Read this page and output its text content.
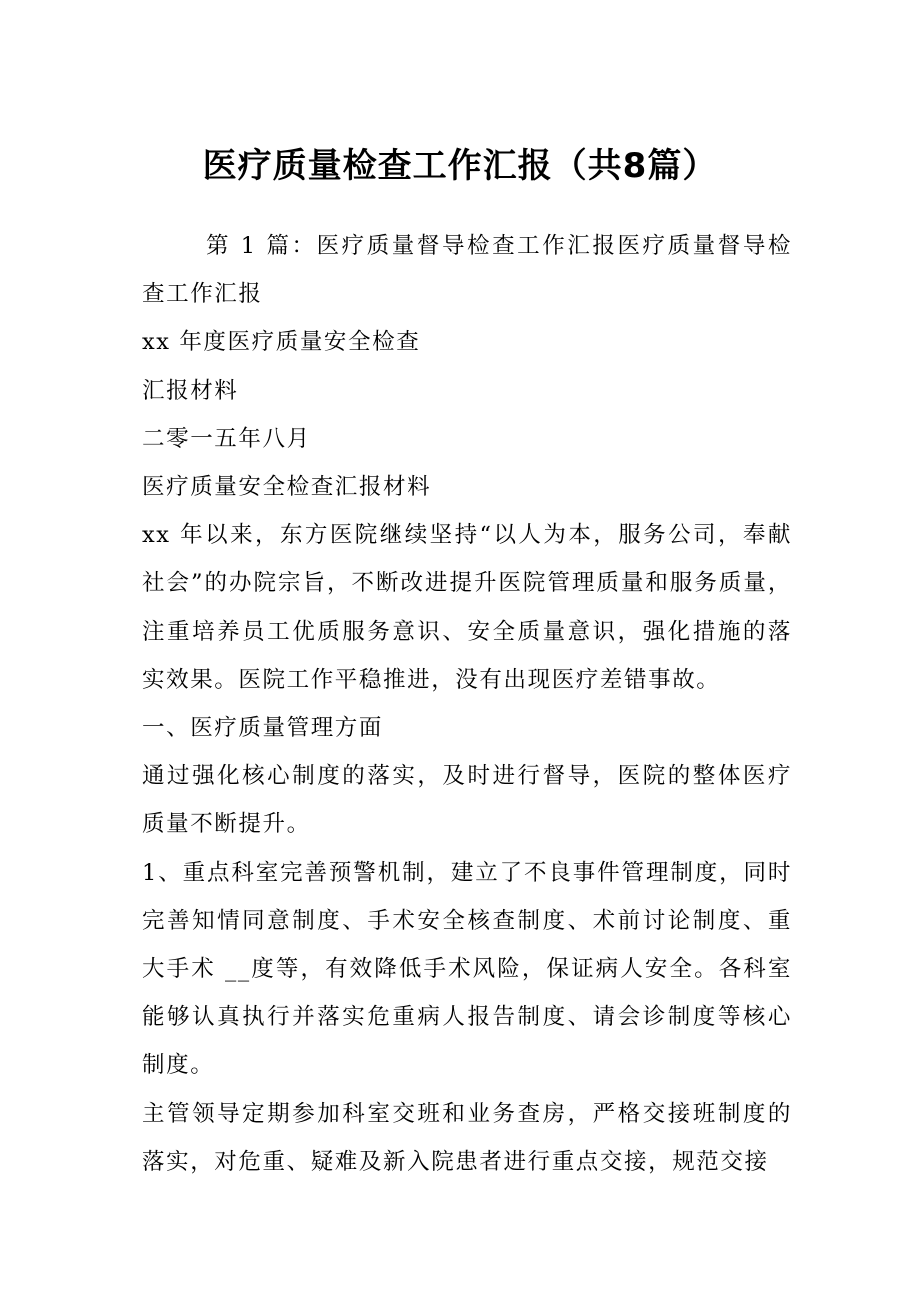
医疗质量检查工作汇报（共8篇）

第 1 篇：医疗质量督导检查工作汇报医疗质量督导检查工作汇报

xx 年度医疗质量安全检查

汇报材料

二零一五年八月

医疗质量安全检查汇报材料

xx 年以来，东方医院继续坚持“以人为本，服务公司，奉献社会”的办院宗旨，不断改进提升医院管理质量和服务质量，注重培养员工优质服务意识、安全质量意识，强化措施的落实效果。医院工作平稳推进，没有出现医疗差错事故。

一、医疗质量管理方面

通过强化核心制度的落实，及时进行督导，医院的整体医疗质量不断提升。

1、重点科室完善预警机制，建立了不良事件管理制度，同时完善知情同意制度、手术安全核查制度、术前讨论制度、重大手术 __度等，有效降低手术风险，保证病人安全。各科室能够认真执行并落实危重病人报告制度、请会诊制度等核心制度。

主管领导定期参加科室交班和业务查房，严格交接班制度的落实，对危重、疑难及新入院患者进行重点交接，规范交接
